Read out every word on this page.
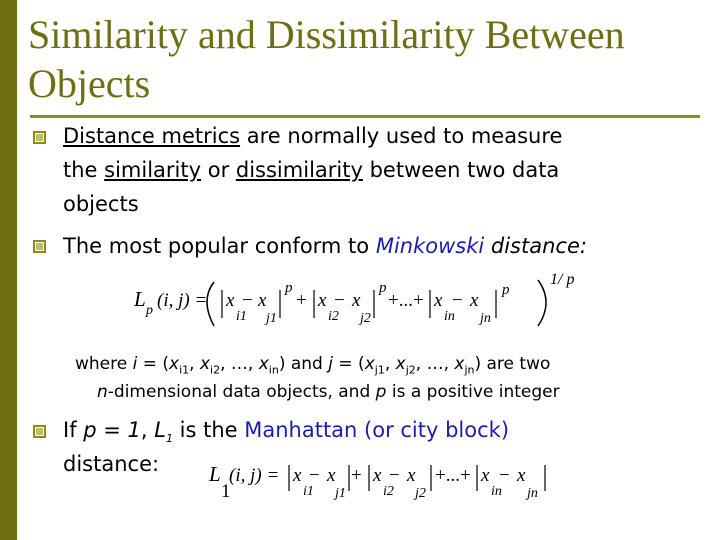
Similarity and Dissimilarity Between Objects
Distance metrics are normally used to measure
the similarity or dissimilarity between two data
objects
The most popular conform to Minkowski distance:
L p (i, j) = x
i1
− x
j1
p
+ x
i2
− x
j2
p
+...+ x
in
− x
jn
p
1/ p
where $i = (x_{i1}$, $x_{i2}$, …, $x_{in}$) and $j = (x_{j1}$, $x_{j2}$, …, $x_{jn}$) are two
n-dimensional data objects, and p is a positive integer
If p = 1, $L_1$ is the Manhattan (or city block)
distance:	L
1
(i, j) = x
i1
− x
j1
+ x
i2
− x
j2
+...+ x
in
− x
jn
